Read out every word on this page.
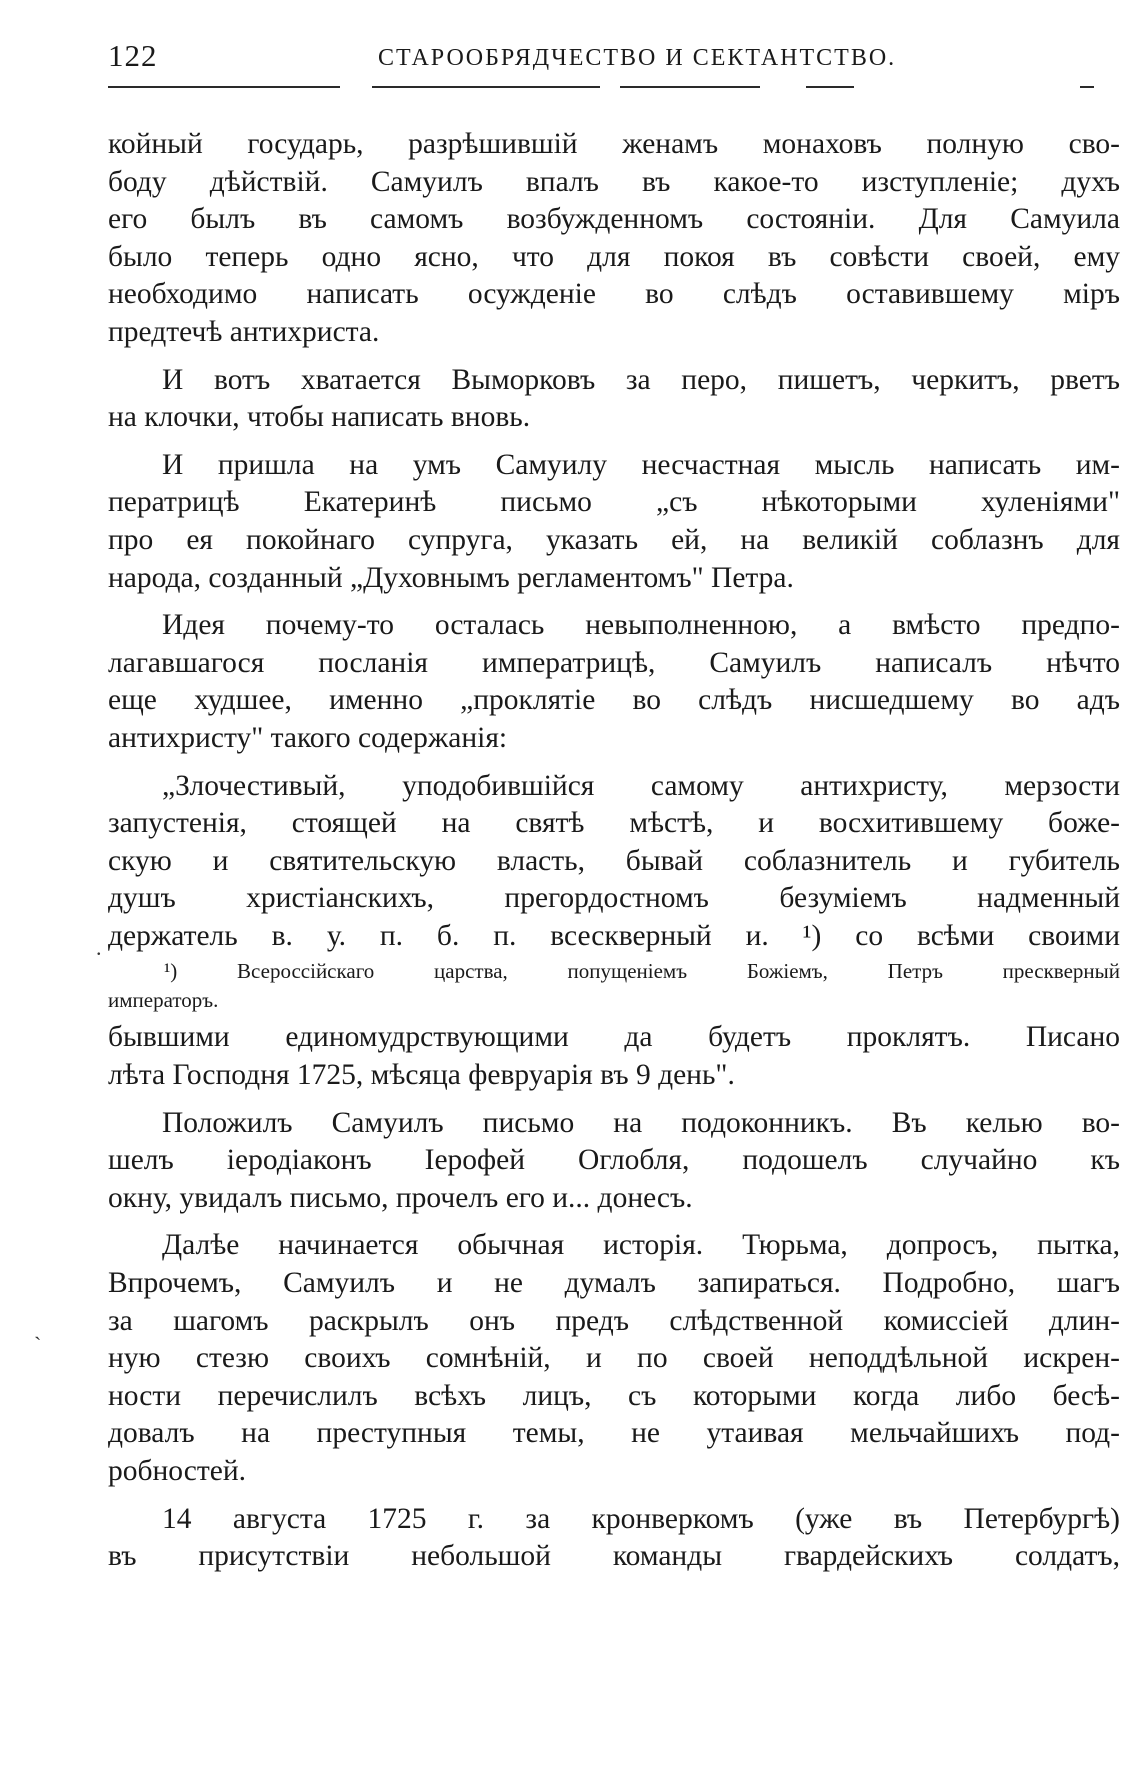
122	СТАРООБРЯДЧЕСТВО И СЕКТАНТСТВО.
койный государь, разрѣшившій женамъ монаховъ полную сво-
боду дѣйствій. Самуилъ впалъ въ какое-то изступленіе; духъ
его былъ въ самомъ возбужденномъ состояніи. Для Самуила
было теперь одно ясно, что для покоя въ совѣсти своей, ему
необходимо написать осужденіе во слѣдъ оставившему міръ
предтечѣ антихриста.
И вотъ хватается Выморковъ за перо, пишетъ, черкитъ, рветъ
на клочки, чтобы написать вновь.
И пришла на умъ Самуилу несчастная мысль написать им-
ператрицѣ Екатеринѣ письмо „съ нѣкоторыми хуленіями"
про ея покойнаго супруга, указать ей, на великій соблазнъ для
народа, созданный „Духовнымъ регламентомъ" Петра.
Идея почему-то осталась невыполненною, а вмѣсто предпо-
лагавшагося посланія императрицѣ, Самуилъ написалъ нѣчто
еще худшее, именно „проклятіе во слѣдъ нисшедшему во адъ
антихристу" такого содержанія:
„Злочестивый, уподобившійся самому антихристу, мерзости
запустенія, стоящей на святѣ мѣстѣ, и восхитившему боже-
скую и святительскую власть, бывай соблазнитель и губитель
душъ христіанскихъ, прегордостномъ безуміемъ надменный
держатель в. у. п. б. п. всескверный и. ¹) со всѣми своими
¹) Всероссійскаго царства, попущеніемъ Божіемъ, Петръ прескверный
императоръ.
бывшими единомудрствующими да будетъ проклятъ. Писано
лѣта Господня 1725, мѣсяца февруарія въ 9 день".
Положилъ Самуилъ письмо на подоконникъ. Въ келью во-
шелъ іеродіаконъ Іерофей Оглобля, подошелъ случайно къ
окну, увидалъ письмо, прочелъ его и... донесъ.
Далѣе начинается обычная исторія. Тюрьма, допросъ, пытка,
Впрочемъ, Самуилъ и не думалъ запираться. Подробно, шагъ
за шагомъ раскрылъ онъ предъ слѣдственной комиссіей длин-
ную стезю своихъ сомнѣній, и по своей неподдѣльной искрен-
ности перечислилъ всѣхъ лицъ, съ которыми когда либо бесѣ-
довалъ на преступныя темы, не утаивая мельчайшихъ под-
робностей.
14 августа 1725 г. за кронверкомъ (уже въ Петербургѣ)
въ присутствіи небольшой команды гвардейскихъ солдатъ,
`
.
